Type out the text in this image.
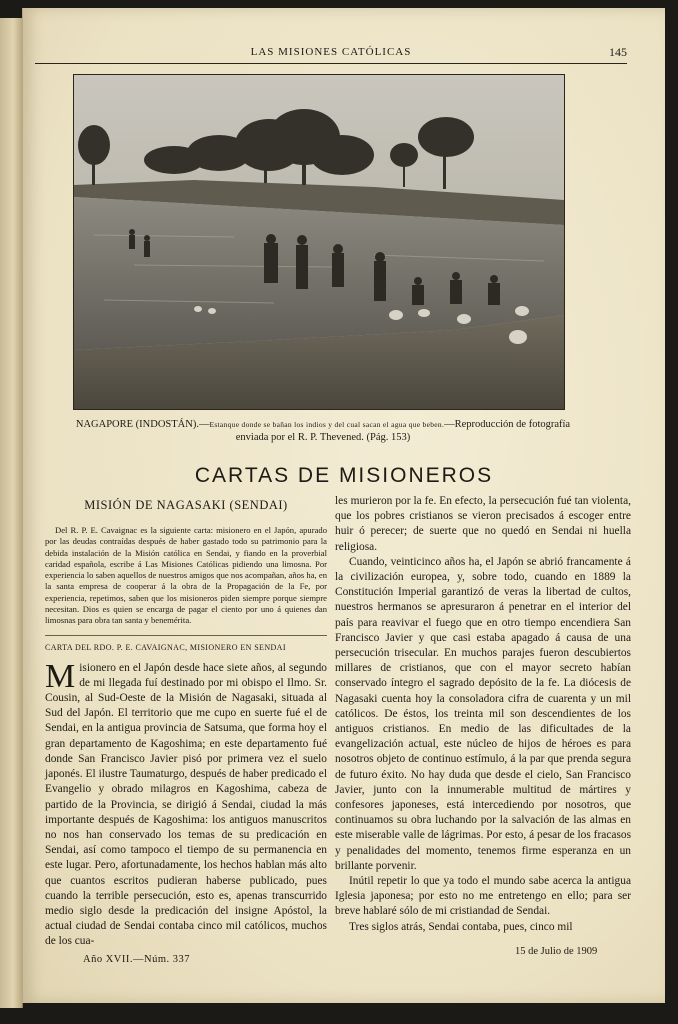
LAS MISIONES CATÓLICAS	145
NAGAPORE (INDOSTÁN).—Estanque donde se bañan los indios y del cual sacan el agua que beben.—Reproducción de fotografía enviada por el R. P. Thevened. (Pág. 153)
CARTAS DE MISIONEROS
MISIÓN DE NAGASAKI (SENDAI)

Del R. P. E. Cavaignac es la siguiente carta: misionero en el Japón, apurado por las deudas contraídas después de haber gastado todo su patrimonio para la debida instalación de la Misión católica en Sendai, y fiando en la proverbial caridad española, escribe á Las Misiones Católicas pidiendo una limosna. Por experiencia lo saben aquellos de nuestros amigos que nos acompañan, años ha, en la santa empresa de cooperar á la obra de la Propagación de la Fe, por experiencia, repetimos, saben que los misioneros piden siempre porque siempre necesitan. Dios es quien se encarga de pagar el ciento por uno á quienes dan limosnas para obra tan santa y benemérita.

CARTA DEL RDO. P. E. CAVAIGNAC, MISIONERO EN SENDAI

Misionero en el Japón desde hace siete años, al segundo de mi llegada fuí destinado por mi obispo el Ilmo. Sr. Cousin, al Sud-Oeste de la Misión de Nagasaki, situada al Sud del Japón. El territorio que me cupo en suerte fué el de Sendai, en la antigua provincia de Satsuma, que forma hoy el gran departamento de Kagoshima; en este departamento fué donde San Francisco Javier pisó por primera vez el suelo japonés. El ilustre Taumaturgo, después de haber predicado el Evangelio y obrado milagros en Kagoshima, cabeza de partido de la Provincia, se dirigió á Sendai, ciudad la más importante después de Kagoshima: los antiguos manuscritos no nos han conservado los temas de su predicación en Sendai, así como tampoco el tiempo de su permanencia en este lugar. Pero, afortunadamente, los hechos hablan más alto que cuantos escritos pudieran haberse publicado, pues cuando la terrible persecución, esto es, apenas transcurrido medio siglo desde la predicación del insigne Apóstol, la actual ciudad de Sendai contaba cinco mil católicos, muchos de los cua-

les murieron por la fe. En efecto, la persecución fué tan violenta, que los pobres cristianos se vieron precisados á escoger entre huir ó perecer; de suerte que no quedó en Sendai ni huella religiosa.

Cuando, veinticinco años ha, el Japón se abrió francamente á la civilización europea, y, sobre todo, cuando en 1889 la Constitución Imperial garantizó de veras la libertad de cultos, nuestros hermanos se apresuraron á penetrar en el interior del país para reavivar el fuego que en otro tiempo encendiera San Francisco Javier y que casi estaba apagado á causa de una persecución trisecular. En muchos parajes fueron descubiertos millares de cristianos, que con el mayor secreto habían conservado íntegro el sagrado depósito de la fe. La diócesis de Nagasaki cuenta hoy la consoladora cifra de cuarenta y un mil católicos. De éstos, los treinta mil son descendientes de los antiguos cristianos. En medio de las dificultades de la evangelización actual, este núcleo de hijos de héroes es para nosotros objeto de continuo estímulo, á la par que prenda segura de futuro éxito. No hay duda que desde el cielo, San Francisco Javier, junto con la innumerable multitud de mártires y confesores japoneses, está intercediendo por nosotros, que continuamos su obra luchando por la salvación de las almas en este miserable valle de lágrimas. Por esto, á pesar de los fracasos y penalidades del momento, tenemos firme esperanza en un brillante porvenir.

Inútil repetir lo que ya todo el mundo sabe acerca la antigua Iglesia japonesa; por esto no me entretengo en ello; para ser breve hablaré sólo de mi cristiandad de Sendai.

Tres siglos atrás, Sendai contaba, pues, cinco mil

Año XVII.—Núm. 337
15 de Julio de 1909
